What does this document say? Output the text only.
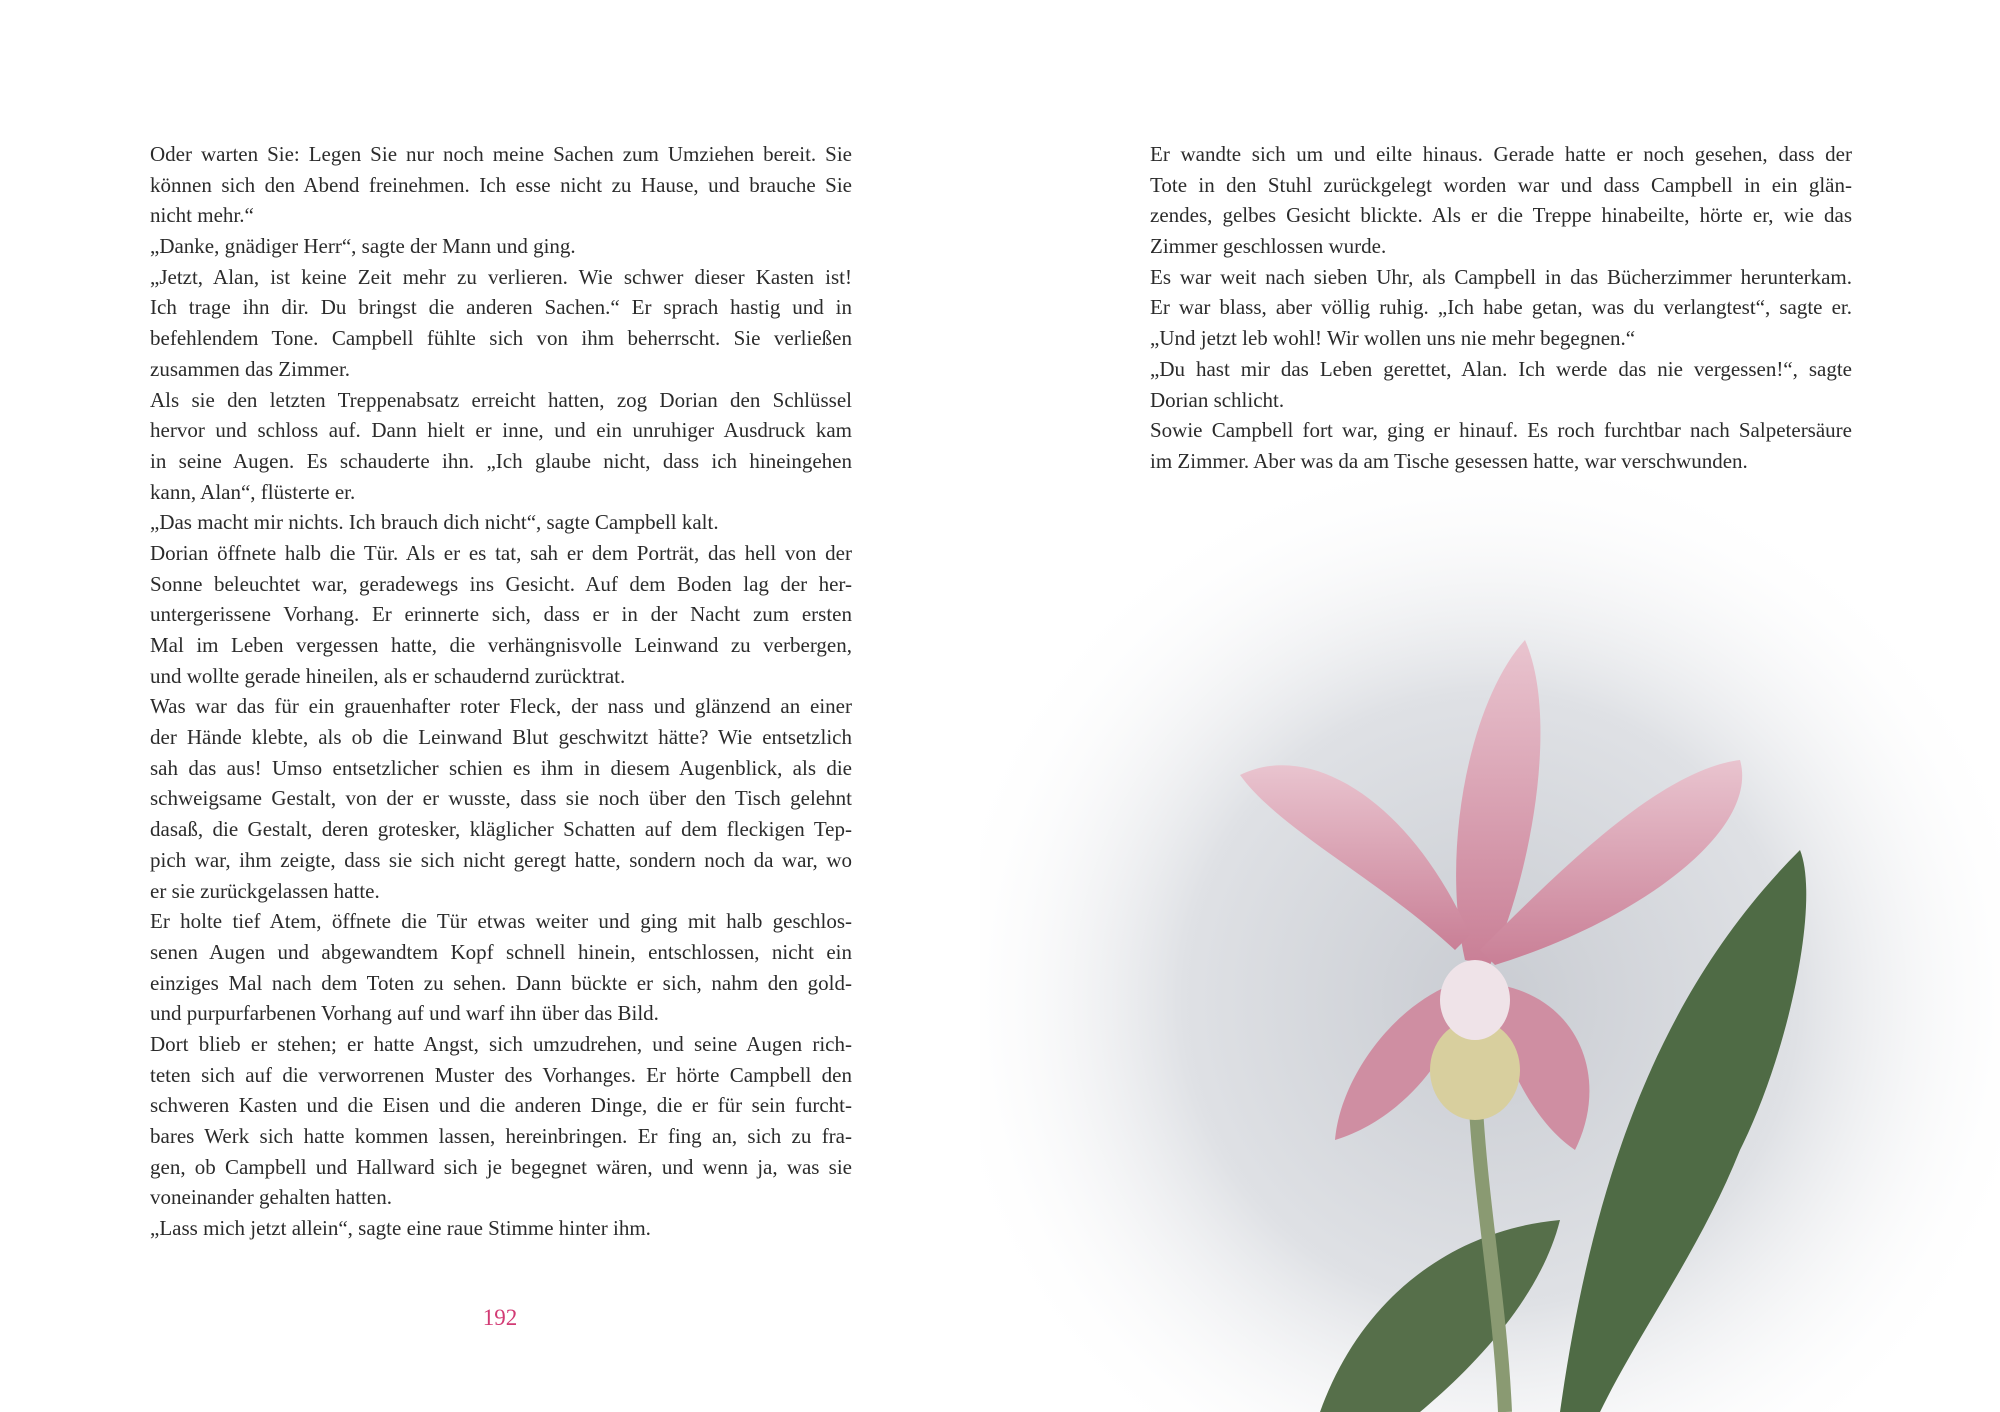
Oder warten Sie: Legen Sie nur noch meine Sachen zum Umziehen bereit. Sie
können sich den Abend freinehmen. Ich esse nicht zu Hause, und brauche Sie
nicht mehr.“
„Danke, gnädiger Herr“, sagte der Mann und ging.
„Jetzt, Alan, ist keine Zeit mehr zu verlieren. Wie schwer dieser Kasten ist!
Ich trage ihn dir. Du bringst die anderen Sachen.“ Er sprach hastig und in
befehlendem Tone. Campbell fühlte sich von ihm beherrscht. Sie verließen
zusammen das Zimmer.
Als sie den letzten Treppenabsatz erreicht hatten, zog Dorian den Schlüssel
hervor und schloss auf. Dann hielt er inne, und ein unruhiger Ausdruck kam
in seine Augen. Es schauderte ihn. „Ich glaube nicht, dass ich hineingehen
kann, Alan“, flüsterte er.
„Das macht mir nichts. Ich brauch dich nicht“, sagte Campbell kalt.
Dorian öffnete halb die Tür. Als er es tat, sah er dem Porträt, das hell von der
Sonne beleuchtet war, geradewegs ins Gesicht. Auf dem Boden lag der her-
untergerissene Vorhang. Er erinnerte sich, dass er in der Nacht zum ersten
Mal im Leben vergessen hatte, die verhängnisvolle Leinwand zu verbergen,
und wollte gerade hineilen, als er schaudernd zurücktrat.
Was war das für ein grauenhafter roter Fleck, der nass und glänzend an einer
der Hände klebte, als ob die Leinwand Blut geschwitzt hätte? Wie entsetzlich
sah das aus! Umso entsetzlicher schien es ihm in diesem Augenblick, als die
schweigsame Gestalt, von der er wusste, dass sie noch über den Tisch gelehnt
dasaß, die Gestalt, deren grotesker, kläglicher Schatten auf dem fleckigen Tep-
pich war, ihm zeigte, dass sie sich nicht geregt hatte, sondern noch da war, wo
er sie zurückgelassen hatte.
Er holte tief Atem, öffnete die Tür etwas weiter und ging mit halb geschlos-
senen Augen und abgewandtem Kopf schnell hinein, entschlossen, nicht ein
einziges Mal nach dem Toten zu sehen. Dann bückte er sich, nahm den gold-
und purpurfarbenen Vorhang auf und warf ihn über das Bild.
Dort blieb er stehen; er hatte Angst, sich umzudrehen, und seine Augen rich-
teten sich auf die verworrenen Muster des Vorhanges. Er hörte Campbell den
schweren Kasten und die Eisen und die anderen Dinge, die er für sein furcht-
bares Werk sich hatte kommen lassen, hereinbringen. Er fing an, sich zu fra-
gen, ob Campbell und Hallward sich je begegnet wären, und wenn ja, was sie
voneinander gehalten hatten.
„Lass mich jetzt allein“, sagte eine raue Stimme hinter ihm.
Er wandte sich um und eilte hinaus. Gerade hatte er noch gesehen, dass der
Tote in den Stuhl zurückgelegt worden war und dass Campbell in ein glän-
zendes, gelbes Gesicht blickte. Als er die Treppe hinabeilte, hörte er, wie das
Zimmer geschlossen wurde.
Es war weit nach sieben Uhr, als Campbell in das Bücherzimmer herunterkam.
Er war blass, aber völlig ruhig. „Ich habe getan, was du verlangtest“, sagte er.
„Und jetzt leb wohl! Wir wollen uns nie mehr begegnen.“
„Du hast mir das Leben gerettet, Alan. Ich werde das nie vergessen!“, sagte
Dorian schlicht.
Sowie Campbell fort war, ging er hinauf. Es roch furchtbar nach Salpetersäure
im Zimmer. Aber was da am Tische gesessen hatte, war verschwunden.
192
